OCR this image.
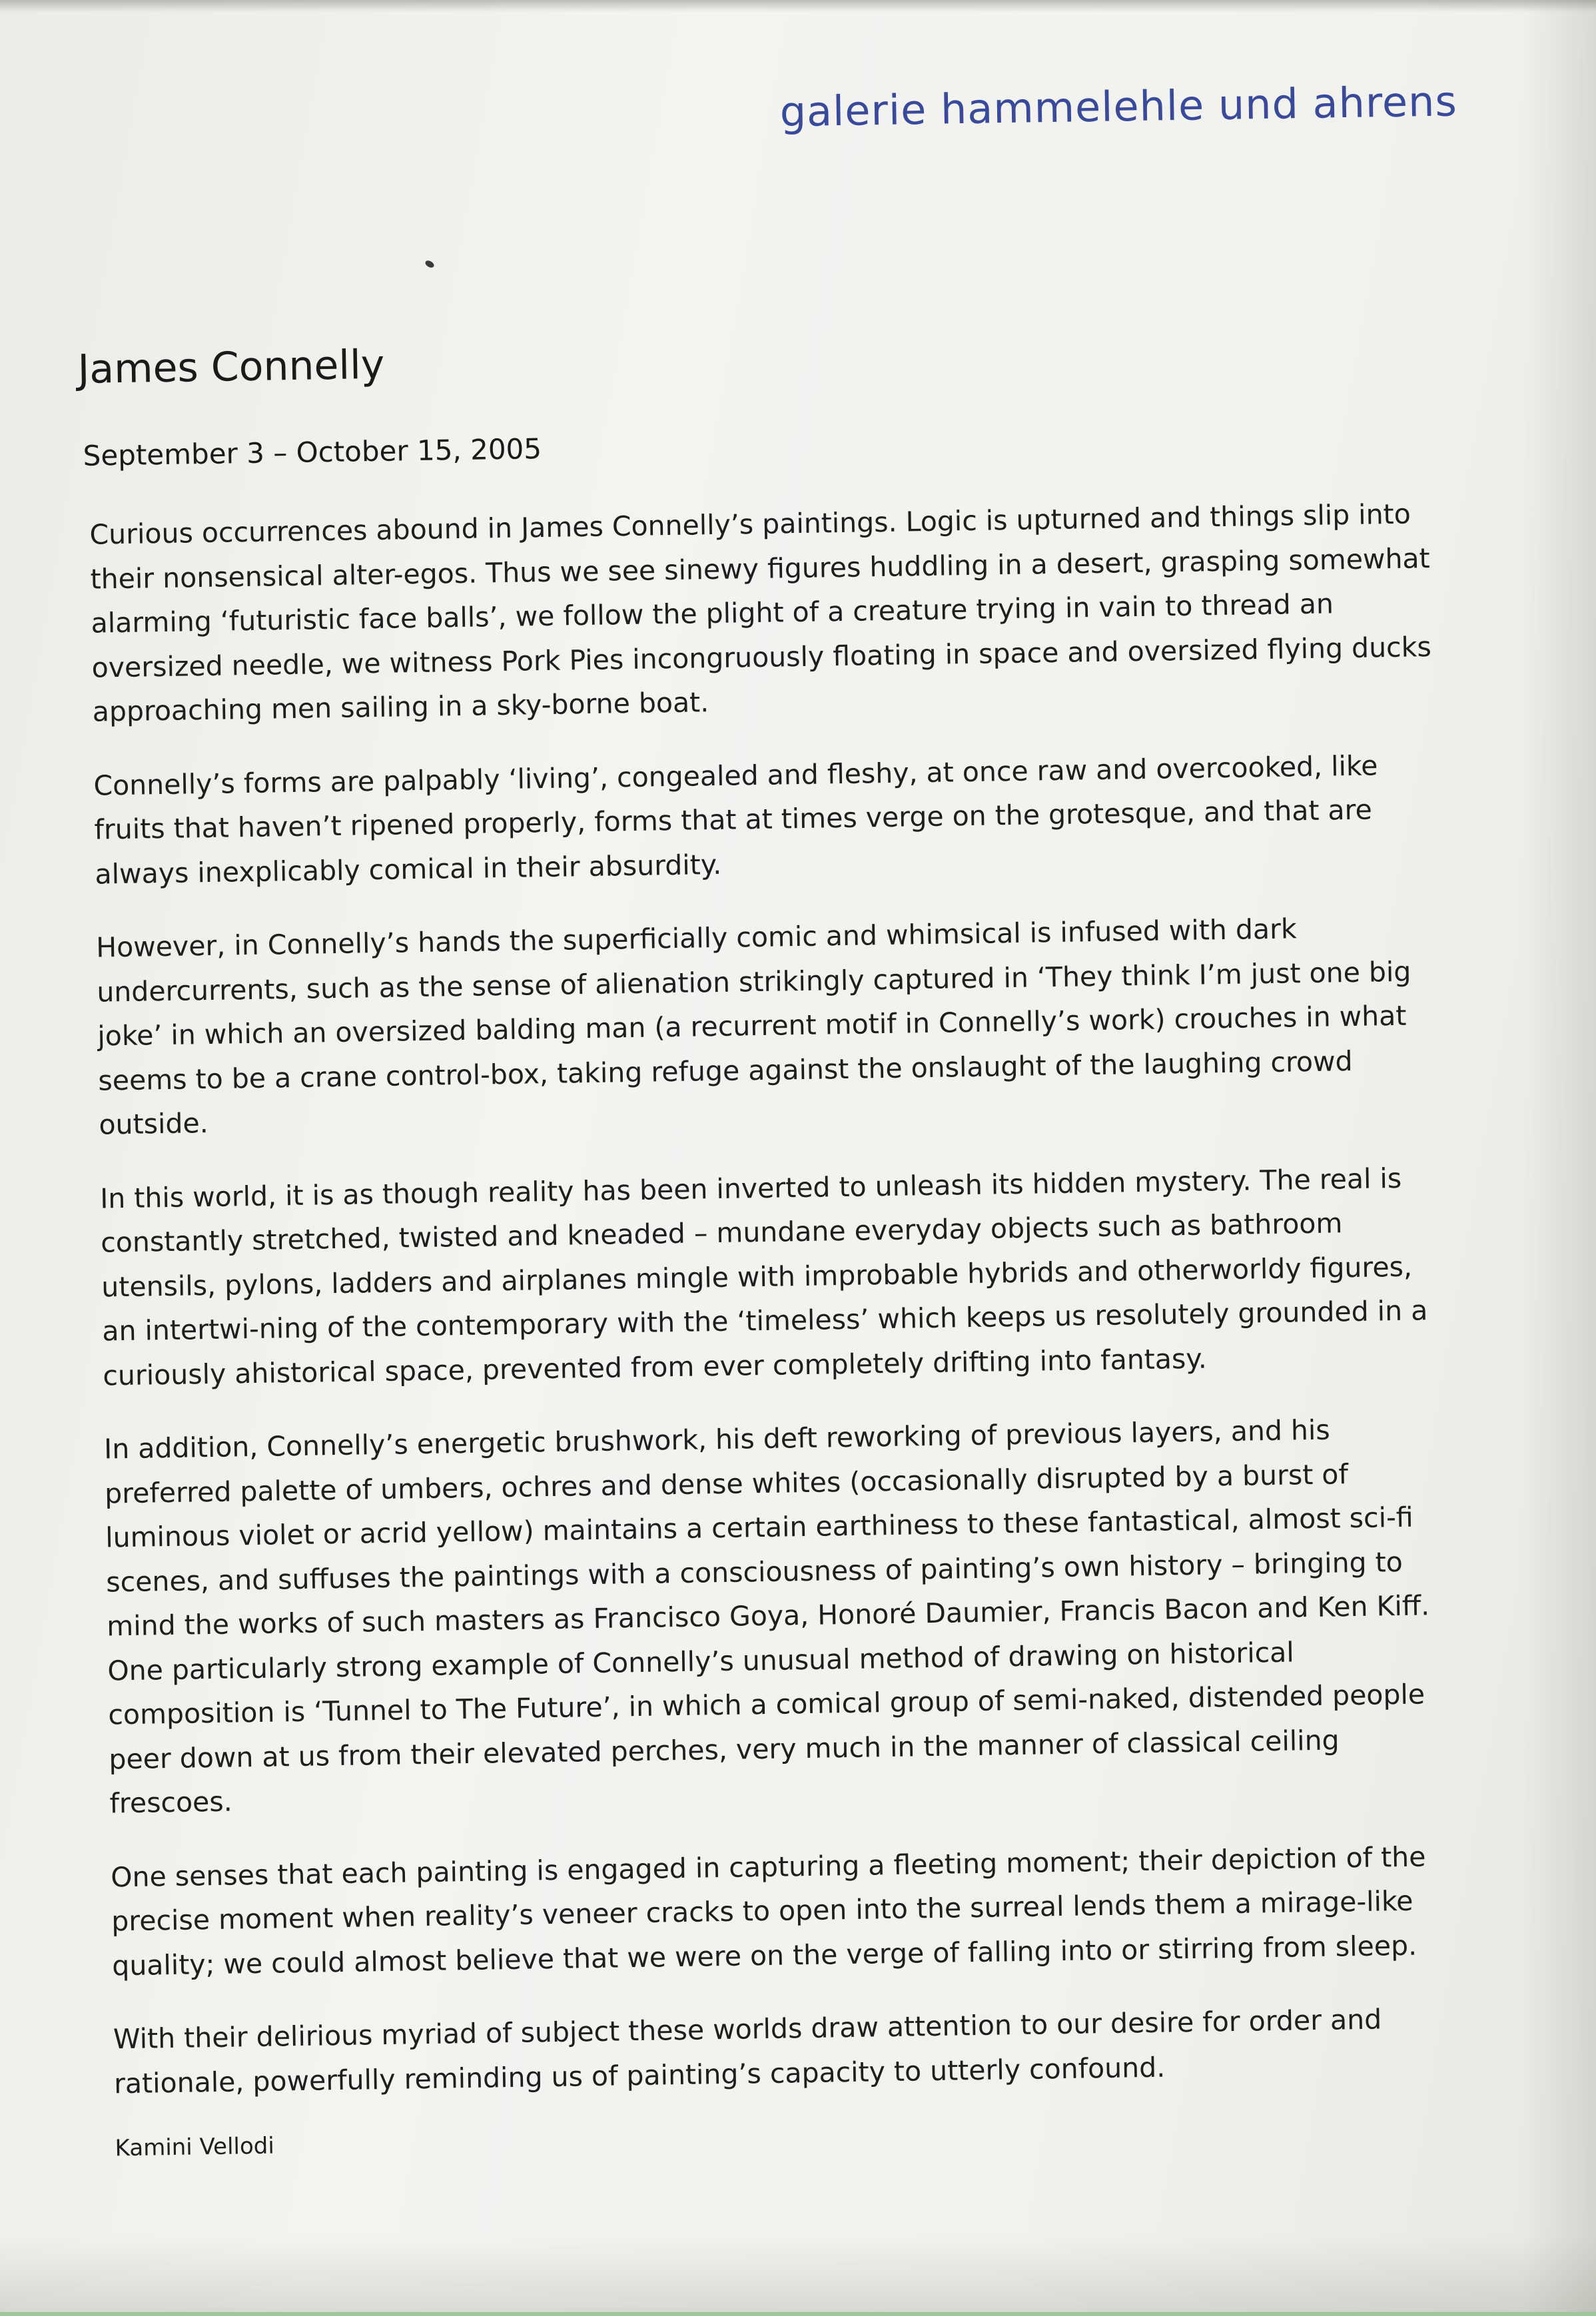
galerie hammelehle und ahrens
James Connelly
September 3 – October 15, 2005

Curious occurrences abound in James Connelly’s paintings. Logic is upturned and things slip into their nonsensical alter-egos. Thus we see sinewy figures huddling in a desert, grasping somewhat alarming ‘futuristic face balls’, we follow the plight of a creature trying in vain to thread an oversized needle, we witness Pork Pies incongruously floating in space and oversized flying ducks approaching men sailing in a sky-borne boat.

Connelly’s forms are palpably ‘living’, congealed and fleshy, at once raw and overcooked, like fruits that haven’t ripened properly, forms that at times verge on the grotesque, and that are always inexplicably comical in their absurdity.

However, in Connelly’s hands the superficially comic and whimsical is infused with dark undercurrents, such as the sense of alienation strikingly captured in ‘They think I’m just one big joke’ in which an oversized balding man (a recurrent motif in Connelly’s work) crouches in what seems to be a crane control-box, taking refuge against the onslaught of the laughing crowd outside.

In this world, it is as though reality has been inverted to unleash its hidden mystery. The real is constantly stretched, twisted and kneaded – mundane everyday objects such as bathroom utensils, pylons, ladders and airplanes mingle with improbable hybrids and otherworldy figures, an intertwi-ning of the contemporary with the ‘timeless’ which keeps us resolutely grounded in a curiously ahistorical space, prevented from ever completely drifting into fantasy.

In addition, Connelly’s energetic brushwork, his deft reworking of previous layers, and his preferred palette of umbers, ochres and dense whites (occasionally disrupted by a burst of luminous violet or acrid yellow) maintains a certain earthiness to these fantastical, almost sci-fi scenes, and suffuses the paintings with a consciousness of painting’s own history – bringing to mind the works of such masters as Francisco Goya, Honoré Daumier, Francis Bacon and Ken Kiff. One particularly strong example of Connelly’s unusual method of drawing on historical composition is ‘Tunnel to The Future’, in which a comical group of semi-naked, distended people peer down at us from their elevated perches, very much in the manner of classical ceiling frescoes.

One senses that each painting is engaged in capturing a fleeting moment; their depiction of the precise moment when reality’s veneer cracks to open into the surreal lends them a mirage-like quality; we could almost believe that we were on the verge of falling into or stirring from sleep.

With their delirious myriad of subject these worlds draw attention to our desire for order and rationale, powerfully reminding us of painting’s capacity to utterly confound.

Kamini Vellodi
